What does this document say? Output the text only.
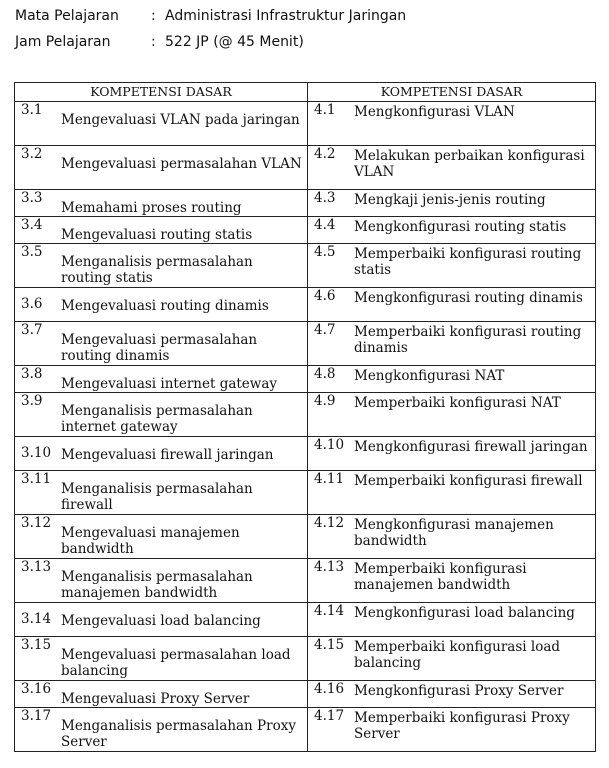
Mata Pelajaran : Administrasi Infrastruktur Jaringan
Jam Pelajaran	: 522 JP (@ 45 Menit)
KOMPETENSI DASAR	KOMPETENSI DASAR

3.1
Mengevaluasi VLAN pada jaringan	4.1 Mengkonfigurasi VLAN

3.2
Mengevaluasi permasalahan VLAN	4.2 Melakukan perbaikan konfigurasi VLAN

3.3
Memahami proses routing	4.3 Mengkaji jenis-jenis routing

3.4
Mengevaluasi routing statis	4.4 Mengkonfigurasi routing statis

3.5
Menganalisis permasalahan routing statis	4.5 Memperbaiki konfigurasi routing statis

3.6 Mengevaluasi routing dinamis	4.6 Mengkonfigurasi routing dinamis

3.7
Mengevaluasi permasalahan routing dinamis	4.7 Memperbaiki konfigurasi routing dinamis

3.8
Mengevaluasi internet gateway	4.8 Mengkonfigurasi NAT

3.9
Menganalisis permasalahan internet gateway	4.9 Memperbaiki konfigurasi NAT

3.10 Mengevaluasi firewall jaringan	4.10 Mengkonfigurasi firewall jaringan

3.11
Menganalisis permasalahan firewall	4.11 Memperbaiki konfigurasi firewall

3.12
Mengevaluasi manajemen bandwidth	4.12 Mengkonfigurasi manajemen bandwidth

3.13
Menganalisis permasalahan manajemen bandwidth	4.13 Memperbaiki konfigurasi manajemen bandwidth

3.14 Mengevaluasi load balancing	4.14 Mengkonfigurasi load balancing

3.15
Mengevaluasi permasalahan load balancing	4.15 Memperbaiki konfigurasi load balancing

3.16
Mengevaluasi Proxy Server	4.16 Mengkonfigurasi Proxy Server

3.17
Menganalisis permasalahan Proxy Server	4.17 Memperbaiki konfigurasi Proxy Server
